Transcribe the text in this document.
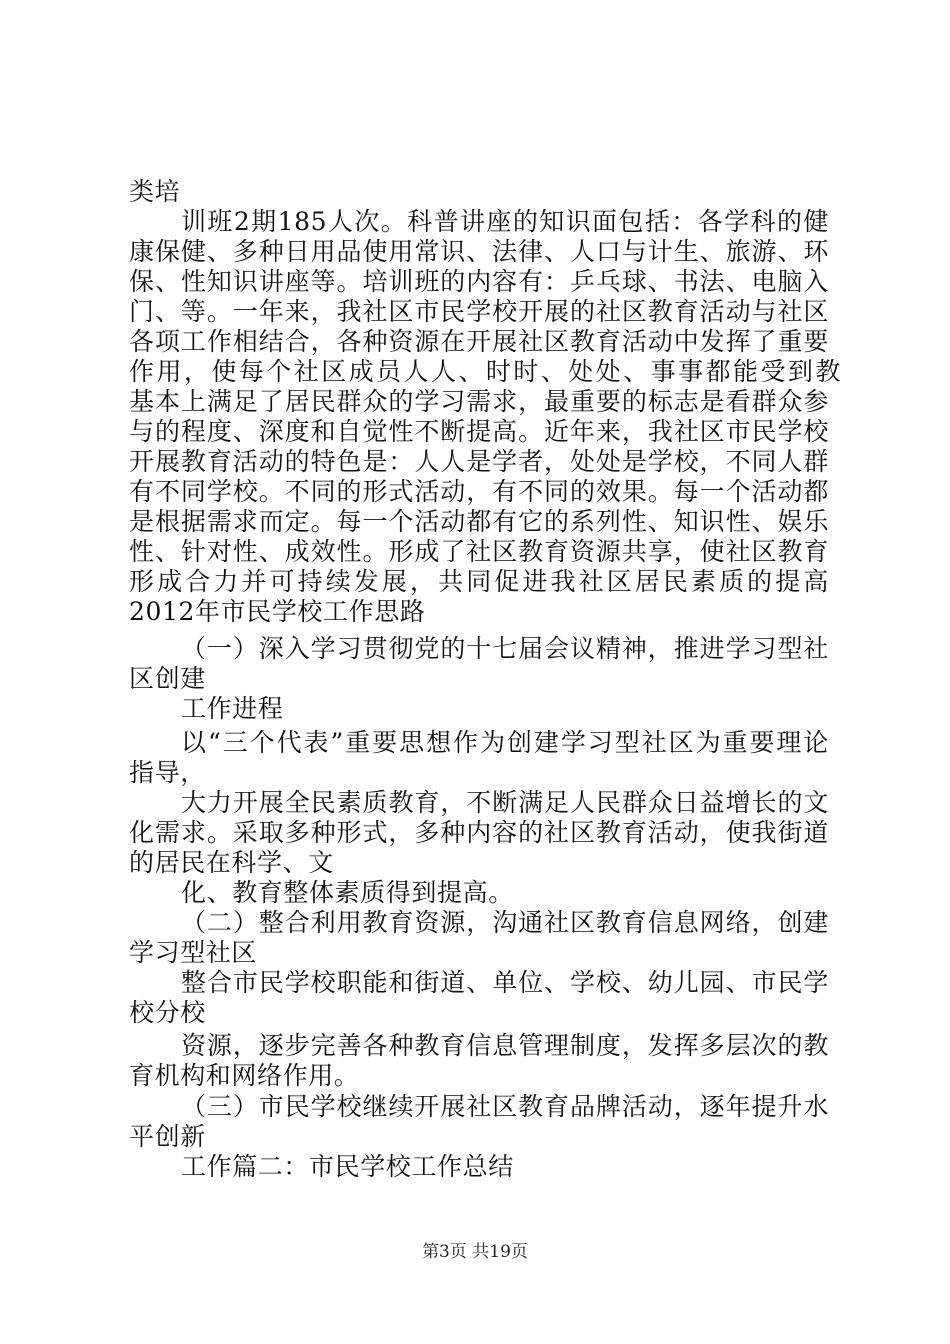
类培
训班2期185人次。科普讲座的知识面包括：各学科的健
康保健、多种日用品使用常识、法律、人口与计生、旅游、环
保、性知识讲座等。培训班的内容有：乒乓球、书法、电脑入
门、等。一年来，我社区市民学校开展的社区教育活动与社区
各项工作相结合，各种资源在开展社区教育活动中发挥了重要
作用，使每个社区成员人人、时时、处处、事事都能受到教
基本上满足了居民群众的学习需求，最重要的标志是看群众参
与的程度、深度和自觉性不断提高。近年来，我社区市民学校
开展教育活动的特色是：人人是学者，处处是学校，不同人群
有不同学校。不同的形式活动，有不同的效果。每一个活动都
是根据需求而定。每一个活动都有它的系列性、知识性、娱乐
性、针对性、成效性。形成了社区教育资源共享，使社区教育
形成合力并可持续发展，共同促进我社区居民素质的提高
2012年市民学校工作思路
（一）深入学习贯彻党的十七届会议精神，推进学习型社
区创建
工作进程
以“三个代表”重要思想作为创建学习型社区为重要理论
指导，
大力开展全民素质教育，不断满足人民群众日益增长的文
化需求。采取多种形式，多种内容的社区教育活动，使我街道
的居民在科学、文
化、教育整体素质得到提高。
（二）整合利用教育资源，沟通社区教育信息网络，创建
学习型社区
整合市民学校职能和街道、单位、学校、幼儿园、市民学
校分校
资源，逐步完善各种教育信息管理制度，发挥多层次的教
育机构和网络作用。
（三）市民学校继续开展社区教育品牌活动，逐年提升水
平创新
工作篇二：市民学校工作总结
第3页 共19页
